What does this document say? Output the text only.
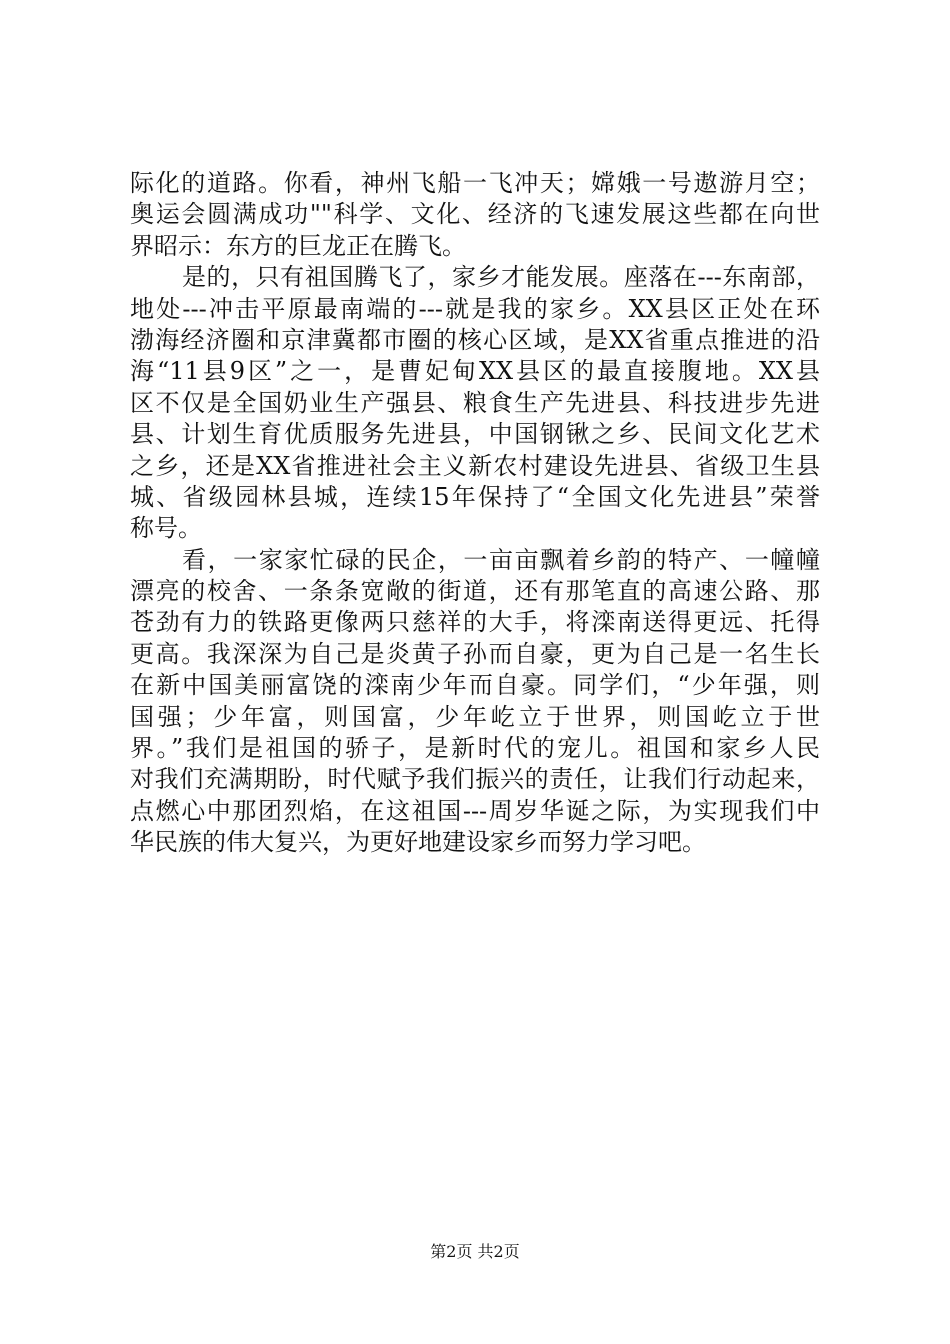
际化的道路。你看，神州飞船一飞冲天；嫦娥一号遨游月空；
奥运会圆满成功""科学、文化、经济的飞速发展这些都在向世
界昭示：东方的巨龙正在腾飞。
是的，只有祖国腾飞了，家乡才能发展。座落在---东南部，
地处---冲击平原最南端的---就是我的家乡。XX县区正处在环
渤海经济圈和京津冀都市圈的核心区域，是XX省重点推进的沿
海“11县9区”之一，是曹妃甸XX县区的最直接腹地。XX县
区不仅是全国奶业生产强县、粮食生产先进县、科技进步先进
县、计划生育优质服务先进县，中国钢锹之乡、民间文化艺术
之乡，还是XX省推进社会主义新农村建设先进县、省级卫生县
城、省级园林县城，连续15年保持了“全国文化先进县”荣誉
称号。
看，一家家忙碌的民企，一亩亩飘着乡韵的特产、一幢幢
漂亮的校舍、一条条宽敞的街道，还有那笔直的高速公路、那
苍劲有力的铁路更像两只慈祥的大手，将滦南送得更远、托得
更高。我深深为自己是炎黄子孙而自豪，更为自己是一名生长
在新中国美丽富饶的滦南少年而自豪。同学们，“少年强，则
国强；少年富，则国富，少年屹立于世界，则国屹立于世
界。”我们是祖国的骄子，是新时代的宠儿。祖国和家乡人民
对我们充满期盼，时代赋予我们振兴的责任，让我们行动起来，
点燃心中那团烈焰，在这祖国---周岁华诞之际，为实现我们中
华民族的伟大复兴，为更好地建设家乡而努力学习吧。
第2页 共2页
